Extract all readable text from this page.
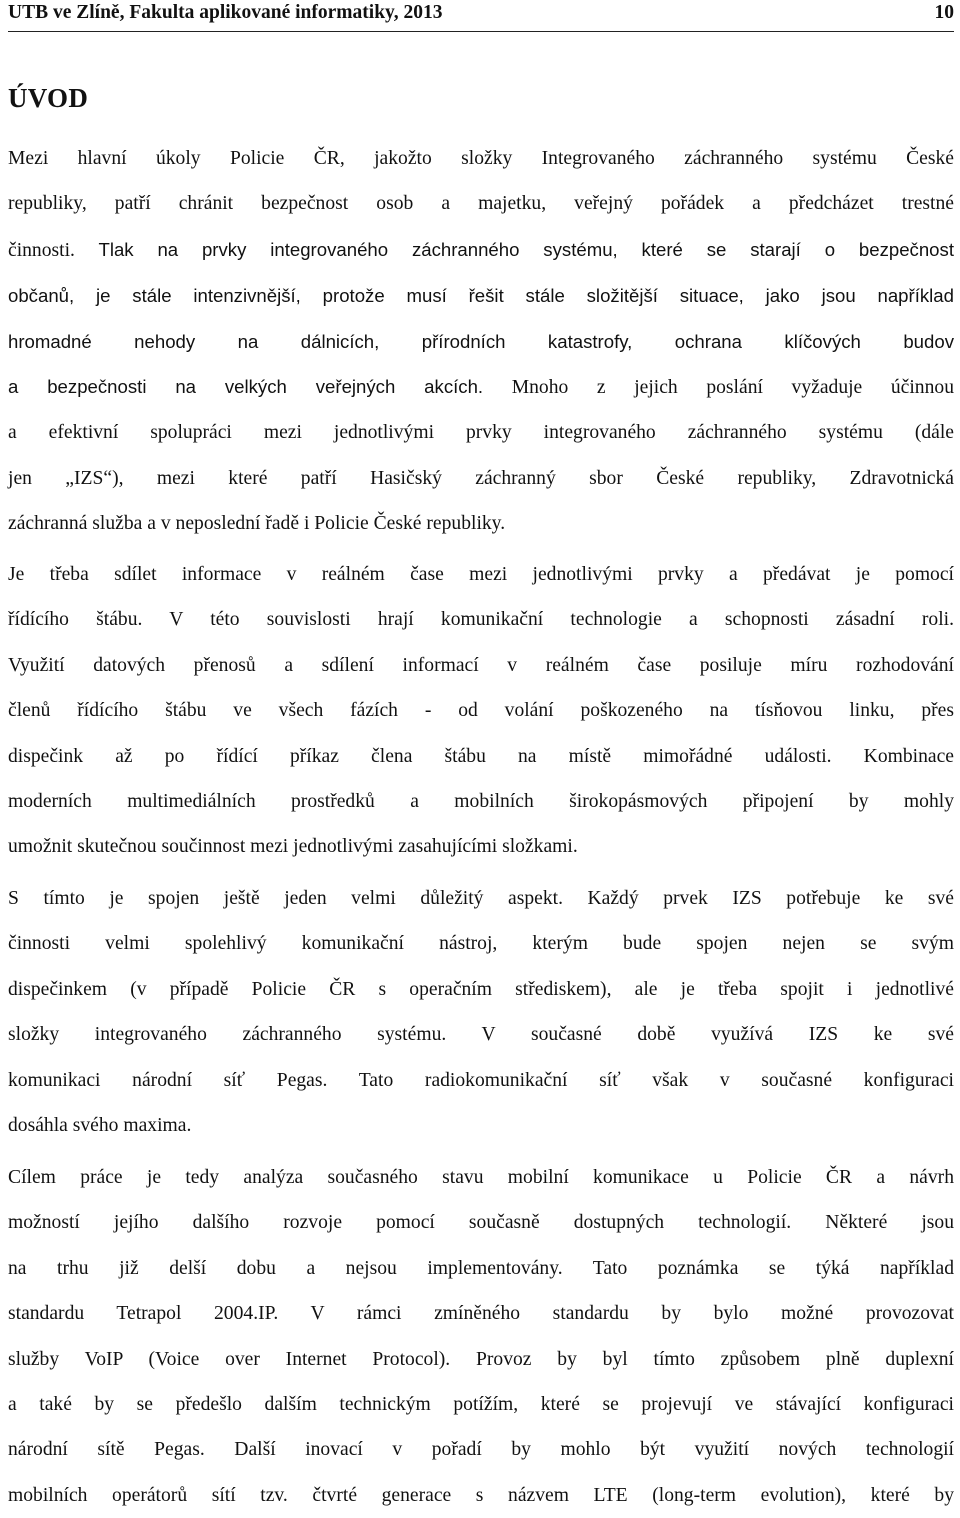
UTB ve Zlíně, Fakulta aplikované informatiky, 2013	10
ÚVOD
Mezi hlavní úkoly Policie ČR, jakožto složky Integrovaného záchranného systému České
republiky, patří chránit bezpečnost osob a majetku, veřejný pořádek a předcházet trestné
činnosti. Tlak na prvky integrovaného záchranného systému, které se starají o bezpečnost
občanů, je stále intenzivnější, protože musí řešit stále složitější situace, jako jsou například
hromadné nehody na dálnicích, přírodních katastrofy, ochrana klíčových budov
a bezpečnosti na velkých veřejných akcích. Mnoho z jejich poslání vyžaduje účinnou
a efektivní spolupráci mezi jednotlivými prvky integrovaného záchranného systému (dále
jen „IZS“), mezi které patří Hasičský záchranný sbor České republiky, Zdravotnická
záchranná služba a v neposlední řadě i Policie České republiky.
Je třeba sdílet informace v reálném čase mezi jednotlivými prvky a předávat je pomocí
řídícího štábu. V této souvislosti hrají komunikační technologie a schopnosti zásadní roli.
Využití datových přenosů a sdílení informací v reálném čase posiluje míru rozhodování
členů řídícího štábu ve všech fázích - od volání poškozeného na tísňovou linku, přes
dispečink až po řídící příkaz člena štábu na místě mimořádné události. Kombinace
moderních multimediálních prostředků a mobilních širokopásmových připojení by mohly
umožnit skutečnou součinnost mezi jednotlivými zasahujícími složkami.
S tímto je spojen ještě jeden velmi důležitý aspekt. Každý prvek IZS potřebuje ke své
činnosti velmi spolehlivý komunikační nástroj, kterým bude spojen nejen se svým
dispečinkem (v případě Policie ČR s operačním střediskem), ale je třeba spojit i jednotlivé
složky integrovaného záchranného systému. V současné době využívá IZS ke své
komunikaci národní síť Pegas. Tato radiokomunikační síť však v současné konfiguraci
dosáhla svého maxima.
Cílem práce je tedy analýza současného stavu mobilní komunikace u Policie ČR a návrh
možností jejího dalšího rozvoje pomocí současně dostupných technologií. Některé jsou
na trhu již delší dobu a nejsou implementovány. Tato poznámka se týká například
standardu Tetrapol 2004.IP. V rámci zmíněného standardu by bylo možné provozovat
služby VoIP (Voice over Internet Protocol). Provoz by byl tímto způsobem plně duplexní
a také by se předešlo dalším technickým potížím, které se projevují ve stávající konfiguraci
národní sítě Pegas. Další inovací v pořadí by mohlo být využití nových technologií
mobilních operátorů sítí tzv. čtvrté generace s názvem LTE (long-term evolution), které by
